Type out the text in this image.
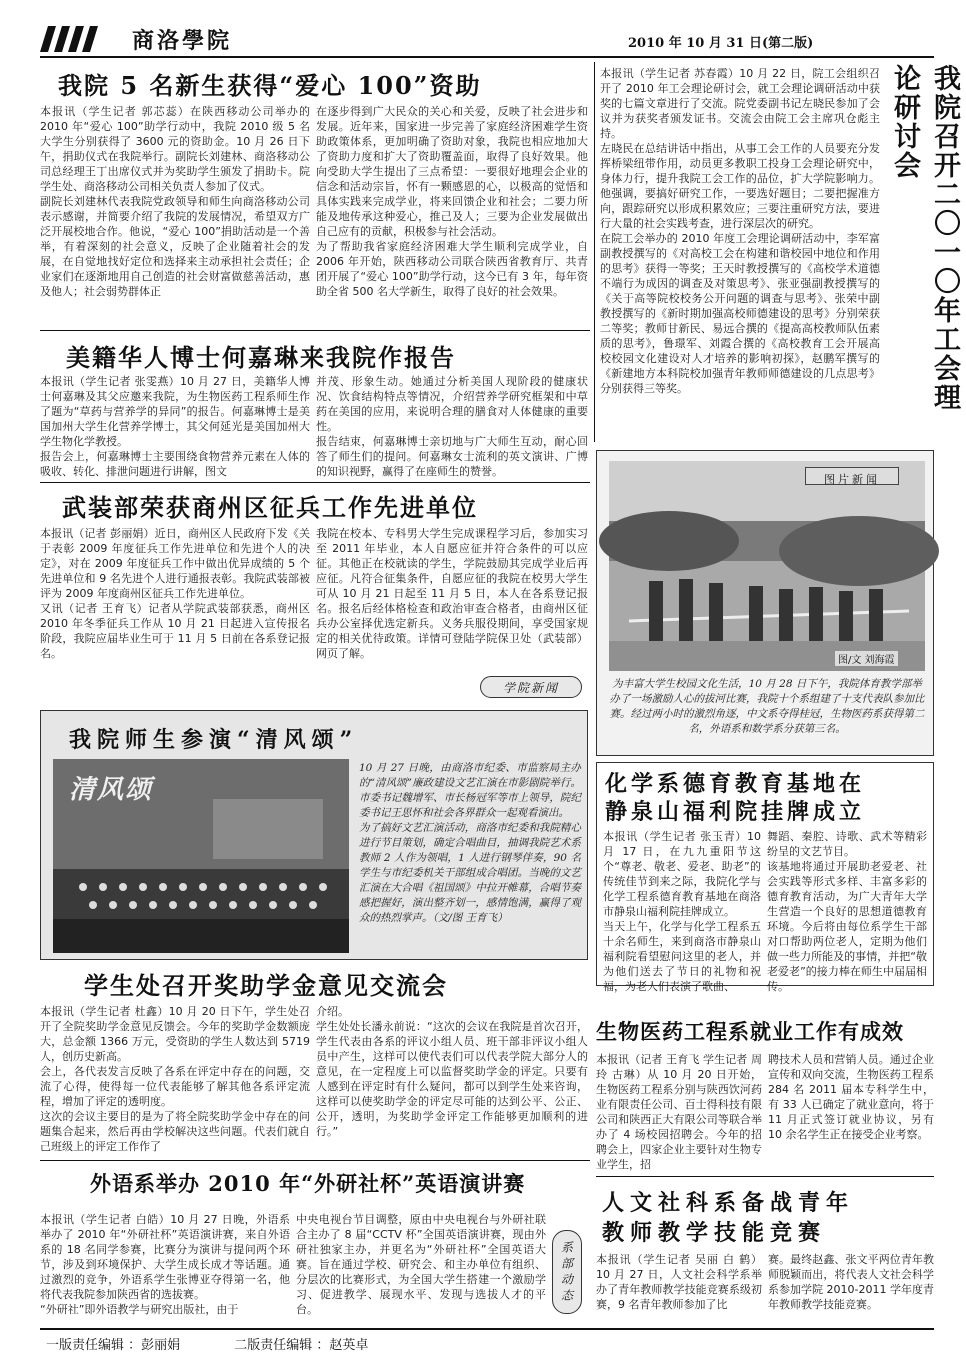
商洛學院	2010 年 10 月 31 日(第二版)
我院 5 名新生获得“爱心 100”资助
本报讯（学生记者 郭芯蕊）在陕西移动公司举办的 2010 年“爱心 100”助学行动中，我院 2010 级 5 名大学生分别获得了 3600 元的资助金。10 月 26 日下午，捐助仪式在我院举行。副院长刘建林、商洛移动公司总经理王丁出席仪式并为奖助学生颁发了捐助卡。院学生处、商洛移动公司相关负责人参加了仪式。
副院长刘建林代表我院党政领导和师生向商洛移动公司表示感谢，并简要介绍了我院的发展情况，希望双方广泛开展校地合作。他说，“爱心 100”捐助活动是一个善举，有着深刻的社会意义，反映了企业随着社会的发展，在自觉地找好定位和选择来主动承担社会责任；企业家们在逐渐地用自己创造的社会财富做慈善活动，惠及他人；社会弱势群体正
在逐步得到广大民众的关心和关爱，反映了社会进步和发展。近年来，国家进一步完善了家庭经济困难学生资助政策体系，更加明确了资助对象，我院也相应地加大了资助力度和扩大了资助覆盖面，取得了良好效果。他向受助大学生提出了三点希望：一要很好地理会企业的信念和活动宗旨，怀有一颗感恩的心，以极高的觉悟和具体实践来完成学业，将来回馈企业和社会；二要力所能及地传承这种爱心，推己及人；三要为企业发展做出自己应有的贡献，积极参与社会活动。
为了帮助我省家庭经济困难大学生顺利完成学业，自 2006 年开始，陕西移动公司联合陕西省教育厅、共青团开展了“爱心 100”助学行动，这今已有 3 年，每年资助全省 500 名大学新生，取得了良好的社会效果。
美籍华人博士何嘉琳来我院作报告
本报讯（学生记者 张雯燕）10 月 27 日，美籍华人博士何嘉琳及其父应邀来我院，为生物医药工程系师生作了题为“草药与营养学的异同”的报告。何嘉琳博士是美国加州大学生化营养学博士，其父何延光是美国加州大学生物化学教授。
报告会上，何嘉琳博士主要围绕食物营养元素在人体的吸收、转化、排泄问题进行讲解，图文
并茂、形象生动。她通过分析美国人现阶段的健康状况、饮食结构特点等情况，介绍营养学研究框架和中草药在美国的应用，来说明合理的膳食对人体健康的重要性。
报告结束，何嘉琳博士亲切地与广大师生互动，耐心回答了师生们的提问。何嘉琳女士流利的英文演讲、广博的知识视野，赢得了在座师生的赞誉。
武装部荣获商州区征兵工作先进单位
本报讯（记者 彭丽娟）近日，商州区人民政府下发《关于表彰 2009 年度征兵工作先进单位和先进个人的决定》，对在 2009 年度征兵工作中做出优异成绩的 5 个先进单位和 9 名先进个人进行通报表彰。我院武装部被评为 2009 年度商州区征兵工作先进单位。
又讯（记者 王育飞）记者从学院武装部获悉，商州区 2010 年冬季征兵工作从 10 月 21 日起进入宣传报名阶段，我院应届毕业生可于 11 月 5 日前在各系登记报名。
我院在校本、专科男大学生完成课程学习后，参加实习至 2011 年毕业，本人自愿应征并符合条件的可以应征。其他正在校就读的学生，学院鼓励其完成学业后再应征。凡符合征集条件，自愿应征的我院在校男大学生可从 10 月 21 日起至 11 月 5 日，本人在各系登记报名。报名后经体格检查和政治审查合格者，由商州区征兵办公室择优选定新兵。义务兵服役期间，享受国家规定的相关优待政策。详情可登陆学院保卫处（武装部）网页了解。
学院新闻
本报讯（学生记者 苏春霞）10 月 22 日，院工会组织召开了 2010 年工会理论研讨会，就工会理论调研活动中获奖的七篇文章进行了交流。院党委副书记左晓民参加了会议并为获奖者颁发证书。交流会由院工会主席巩仓彪主持。
左晓民在总结讲话中指出，从事工会工作的人员要充分发挥桥梁纽带作用，动员更多教职工投身工会理论研究中，身体力行，提升我院工会工作的品位，扩大学院影响力。他强调，要搞好研究工作，一要选好题目；二要把握准方向，跟踪研究以形成积累效应；三要注重研究方法，要进行大量的社会实践考查，进行深层次的研究。
在院工会举办的 2010 年度工会理论调研活动中，李军富副教授撰写的《对高校工会在构建和谐校园中地位和作用的思考》获得一等奖；王天时教授撰写的《高校学术道德不端行为成因的调查及对策思考》、张亚强副教授撰写的《关于高等院校校务公开问题的调查与思考》、张荣中副教授撰写的《新时期加强高校师德建设的思考》分别荣获二等奖；教师甘新民、易远合撰的《提高高校教师队伍素质的思考》，鲁璟军、刘霞合撰的《高校教育工会开展高校校园文化建设对人才培养的影响初探》，赵鹏军撰写的《新建地方本科院校加强青年教师师德建设的几点思考》分别获得三等奖。	我院召开二〇一〇年工会理论研讨会
图片新闻
图/文 刘海霞
为丰富大学生校园文化生活，10 月 28 日下午，我院体育教学部举办了一场激励人心的拔河比赛，我院十个系组建了十支代表队参加比赛。经过两小时的激烈角逐，中文系夺得桂冠，生物医药系获得第二名，外语系和数学系分获第三名。
我院师生参演“清风颂”
清风颂
10 月 27 日晚，由商洛市纪委、市监察局主办的“清风颂”廉政建设文艺汇演在市影剧院举行。市委书记魏增军、市长杨冠军等市上领导，院纪委书记王思怀和社会各界群众一起观看演出。
为了搞好文艺汇演活动，商洛市纪委和我院精心进行节目策划，确定合唱曲目，抽调我院艺术系教师 2 人作为领唱，1 人进行钢琴伴奏，90 名学生与市纪委机关干部组成合唱团。当晚的文艺汇演在大合唱《祖国颂》中拉开帷幕，合唱节奏感把握好，演出整齐划一，感情饱满，赢得了观众的热烈掌声。（文/图 王育飞）
化学系德育教育基地在
静泉山福利院挂牌成立
本报讯（学生记者 张玉青）10 月 17 日，在九九重阳节这个“尊老、敬老、爱老、助老”的传统佳节到来之际，我院化学与化学工程系德育教育基地在商洛市静泉山福利院挂牌成立。
当天上午，化学与化学工程系五十余名师生，来到商洛市静泉山福利院看望慰问这里的老人，并为他们送去了节日的礼物和祝福，为老人们表演了歌曲、
舞蹈、秦腔、诗歌、武术等精彩纷呈的文艺节目。
该基地将通过开展助老爱老、社会实践等形式多样、丰富多彩的德育教育活动，为广大青年大学生营造一个良好的思想道德教育环境。今后将由每位系学生干部对口帮助两位老人，定期为他们做一些力所能及的事情，并把“敬老爱老”的接力棒在师生中届届相传。
学生处召开奖助学金意见交流会
本报讯（学生记者 杜鑫）10 月 20 日下午，学生处召开了全院奖助学金意见反馈会。今年的奖助学金数额庞大，总金额 1366 万元，受资助的学生人数达到 5719 人，创历史新高。
会上，各代表发言反映了各系在评定中存在的问题，交流了心得，使得每一位代表能够了解其他各系评定流程，增加了评定的透明度。
这次的会议主要目的是为了将全院奖助学金中存在的问题集合起来，然后再由学校解决这些问题。代表们就自己班级上的评定工作作了
介绍。
学生处处长潘永前说：“这次的会议在我院是首次召开，学生代表由各系的评议小组人员、班干部非评议小组人员中产生，这样可以使代表们可以代表学院大部分人的意见，在一定程度上可以监督奖助学金的评定。只要有人感到在评定时有什么疑问，都可以到学生处来咨询，这样可以使奖助学金的评定尽可能的达到公平、公正、公开，透明，为奖助学金评定工作能够更加顺利的进行。”
生物医药工程系就业工作有成效
本报讯（记者 王育飞 学生记者 周玲 古琳）从 10 月 20 日开始，生物医药工程系分别与陕西饮河药业有限责任公司、百士得科技有限公司和陕西正大有限公司等联合举办了 4 场校园招聘会。今年的招聘会上，四家企业主要针对生物专业学生，招
聘技术人员和营销人员。通过企业宣传和双向交流，生物医药工程系 284 名 2011 届本专科学生中，有 33 人已确定了就业意向，将于 11 月正式签订就业协议，另有 10 余名学生正在接受企业考察。
外语系举办 2010 年“外研社杯”英语演讲赛
本报讯（学生记者 白皓）10 月 27 日晚，外语系举办了 2010 年“外研社杯”英语演讲赛，来自外语系的 18 名同学参赛，比赛分为演讲与提问两个环节，涉及到环境保护、大学生成长成才等话题。通过激烈的竞争，外语系学生张博亚夺得第一名，他将代表我院参加陕西省的选拔赛。
“外研社”即外语教学与研究出版社，由于
中央电视台节目调整，原由中央电视台与外研社联合主办了 8 届“CCTV 杯”全国英语演讲赛，现由外研社独家主办，并更名为“外研社杯”全国英语大赛。旨在通过学校、研究会、和主办单位有组织、分层次的比赛形式，为全国大学生搭建一个激励学习、促进教学、展现水平、发现与选拔人才的平台。
系部动态
人文社科系备战青年
教师教学技能竞赛
本报讯（学生记者 吴丽 白 鹤）10 月 27 日，人文社会科学系举办了青年教师教学技能竞赛系级初赛，9 名青年教师参加了比
赛。最终赵鑫、张文平两位青年教师脱颖而出，将代表人文社会科学系参加学院 2010-2011 学年度青年教师教学技能竞赛。
一版责任编辑 ：彭丽娟	二版责任编辑 ：赵英卓
